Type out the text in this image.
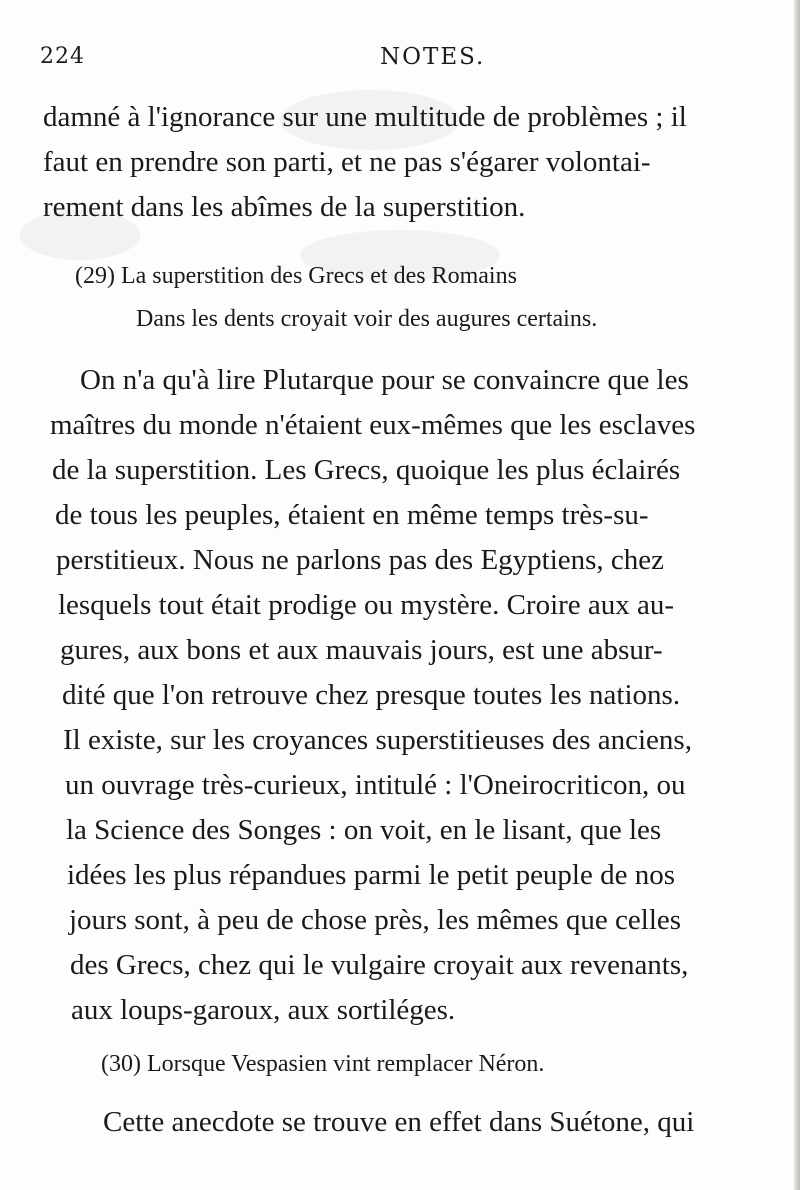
224	NOTES.
damné à l'ignorance sur une multitude de problèmes ; il
faut en prendre son parti, et ne pas s'égarer volontai-
rement dans les abîmes de la superstition.
(29) La superstition des Grecs et des Romains
Dans les dents croyait voir des augures certains.
On n'a qu'à lire Plutarque pour se convaincre que les
maîtres du monde n'étaient eux-mêmes que les esclaves
de la superstition. Les Grecs, quoique les plus éclairés
de tous les peuples, étaient en même temps très-su-
perstitieux. Nous ne parlons pas des Egyptiens, chez
lesquels tout était prodige ou mystère. Croire aux au-
gures, aux bons et aux mauvais jours, est une absur-
dité que l'on retrouve chez presque toutes les nations.
Il existe, sur les croyances superstitieuses des anciens,
un ouvrage très-curieux, intitulé : l'Oneirocriticon, ou
la Science des Songes : on voit, en le lisant, que les
idées les plus répandues parmi le petit peuple de nos
jours sont, à peu de chose près, les mêmes que celles
des Grecs, chez qui le vulgaire croyait aux revenants,
aux loups-garoux, aux sortiléges.
(30) Lorsque Vespasien vint remplacer Néron.
Cette anecdote se trouve en effet dans Suétone, qui
